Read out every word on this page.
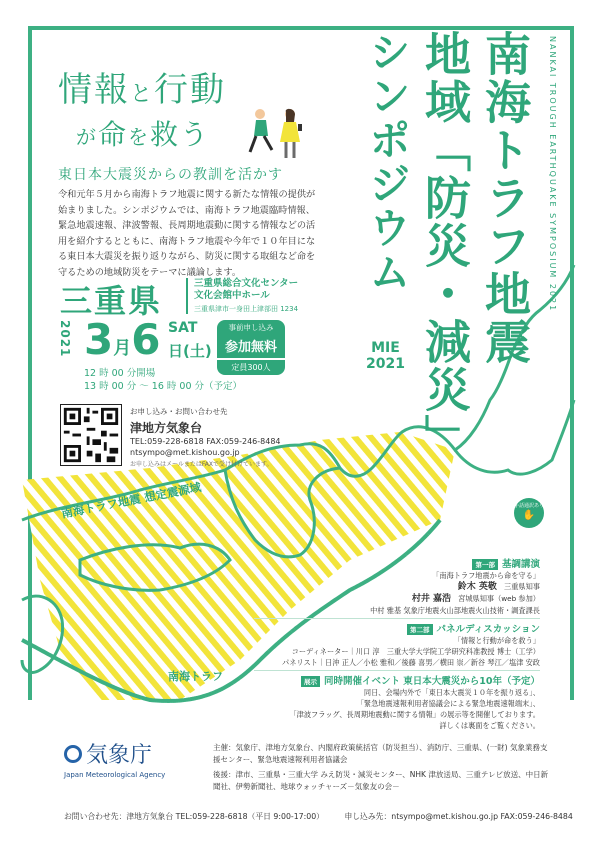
南海トラフ地震
地域「防災・減災」
シンポジウム	NANKAI TROUGH EARTHQUAKE SYMPOSIUM 2021
MIE
2021
情報と行動
が命を救う
東日本大震災からの教訓を活かす
令和元年５月から南海トラフ地震に関する新たな情報の提供が始まりました。シンポジウムでは、南海トラフ地震臨時情報、緊急地震速報、津波警報、長周期地震動に関する情報などの活用を紹介するとともに、南海トラフ地震や今年で１０年目になる東日本大震災を振り返りながら、防災に関する取組など命を守るための地域防災をテーマに議論します。
三重県	三重県総合文化センター
文化会館中ホール
三重県津市一身田上津部田 1234
2021 3月6 SAT
日(土)
12 時 00 分開場
13 時 00 分 ～ 16 時 00 分（予定）
事前申し込み
参加無料
定員300人
お申し込み・お問い合わせ先
津地方気象台
TEL:059-228-6818 FAX:059-246-8484
ntsympo@met.kishou.go.jp
お申し込みはメールまたはFAXで受け付けています。
南海トラフ地震 想定震源域
南海トラフ
手話通訳あり
✋
第一部 基調講演
「南海トラフ地震から命を守る」
鈴木 英敬　 三重県知事
村井 嘉浩　 宮城県知事（web 参加）
中村 雅基 気象庁地震火山部地震火山技術・調査課長
第二部 パネルディスカッション
「情報と行動が命を救う」
コーディネーター｜川口 淳　三重大学大学院工学研究科准教授 博士（工学）
パネリスト｜日沖 正人／小松 雅和／後藤 喜男／横田 崇／新谷 琴江／塩津 安政
展示 同時開催イベント 東日本大震災から10年（予定）
同日、会場内外で「東日本大震災１０年を振り返る」、
「緊急地震速報利用者協議会による緊急地震速報端末」、
「津波フラッグ、長周期地震動に関する情報」の展示等を開催しております。
詳しくは裏面をご覧ください。
気象庁
Japan Meteorological Agency
主催：気象庁、津地方気象台、内閣府政策統括官（防災担当）、消防庁、三重県、(一財) 気象業務支援センター、緊急地震速報利用者協議会
後援：津市、三重県・三重大学 みえ防災・減災センター、NHK 津放送局、三重テレビ放送、中日新聞社、伊勢新聞社、地球ウォッチャーズ－気象友の会－
お問い合わせ先：津地方気象台 TEL:059-228-6818（平日 9:00-17:00）	申し込み先：ntsympo@met.kishou.go.jp FAX:059-246-8484
